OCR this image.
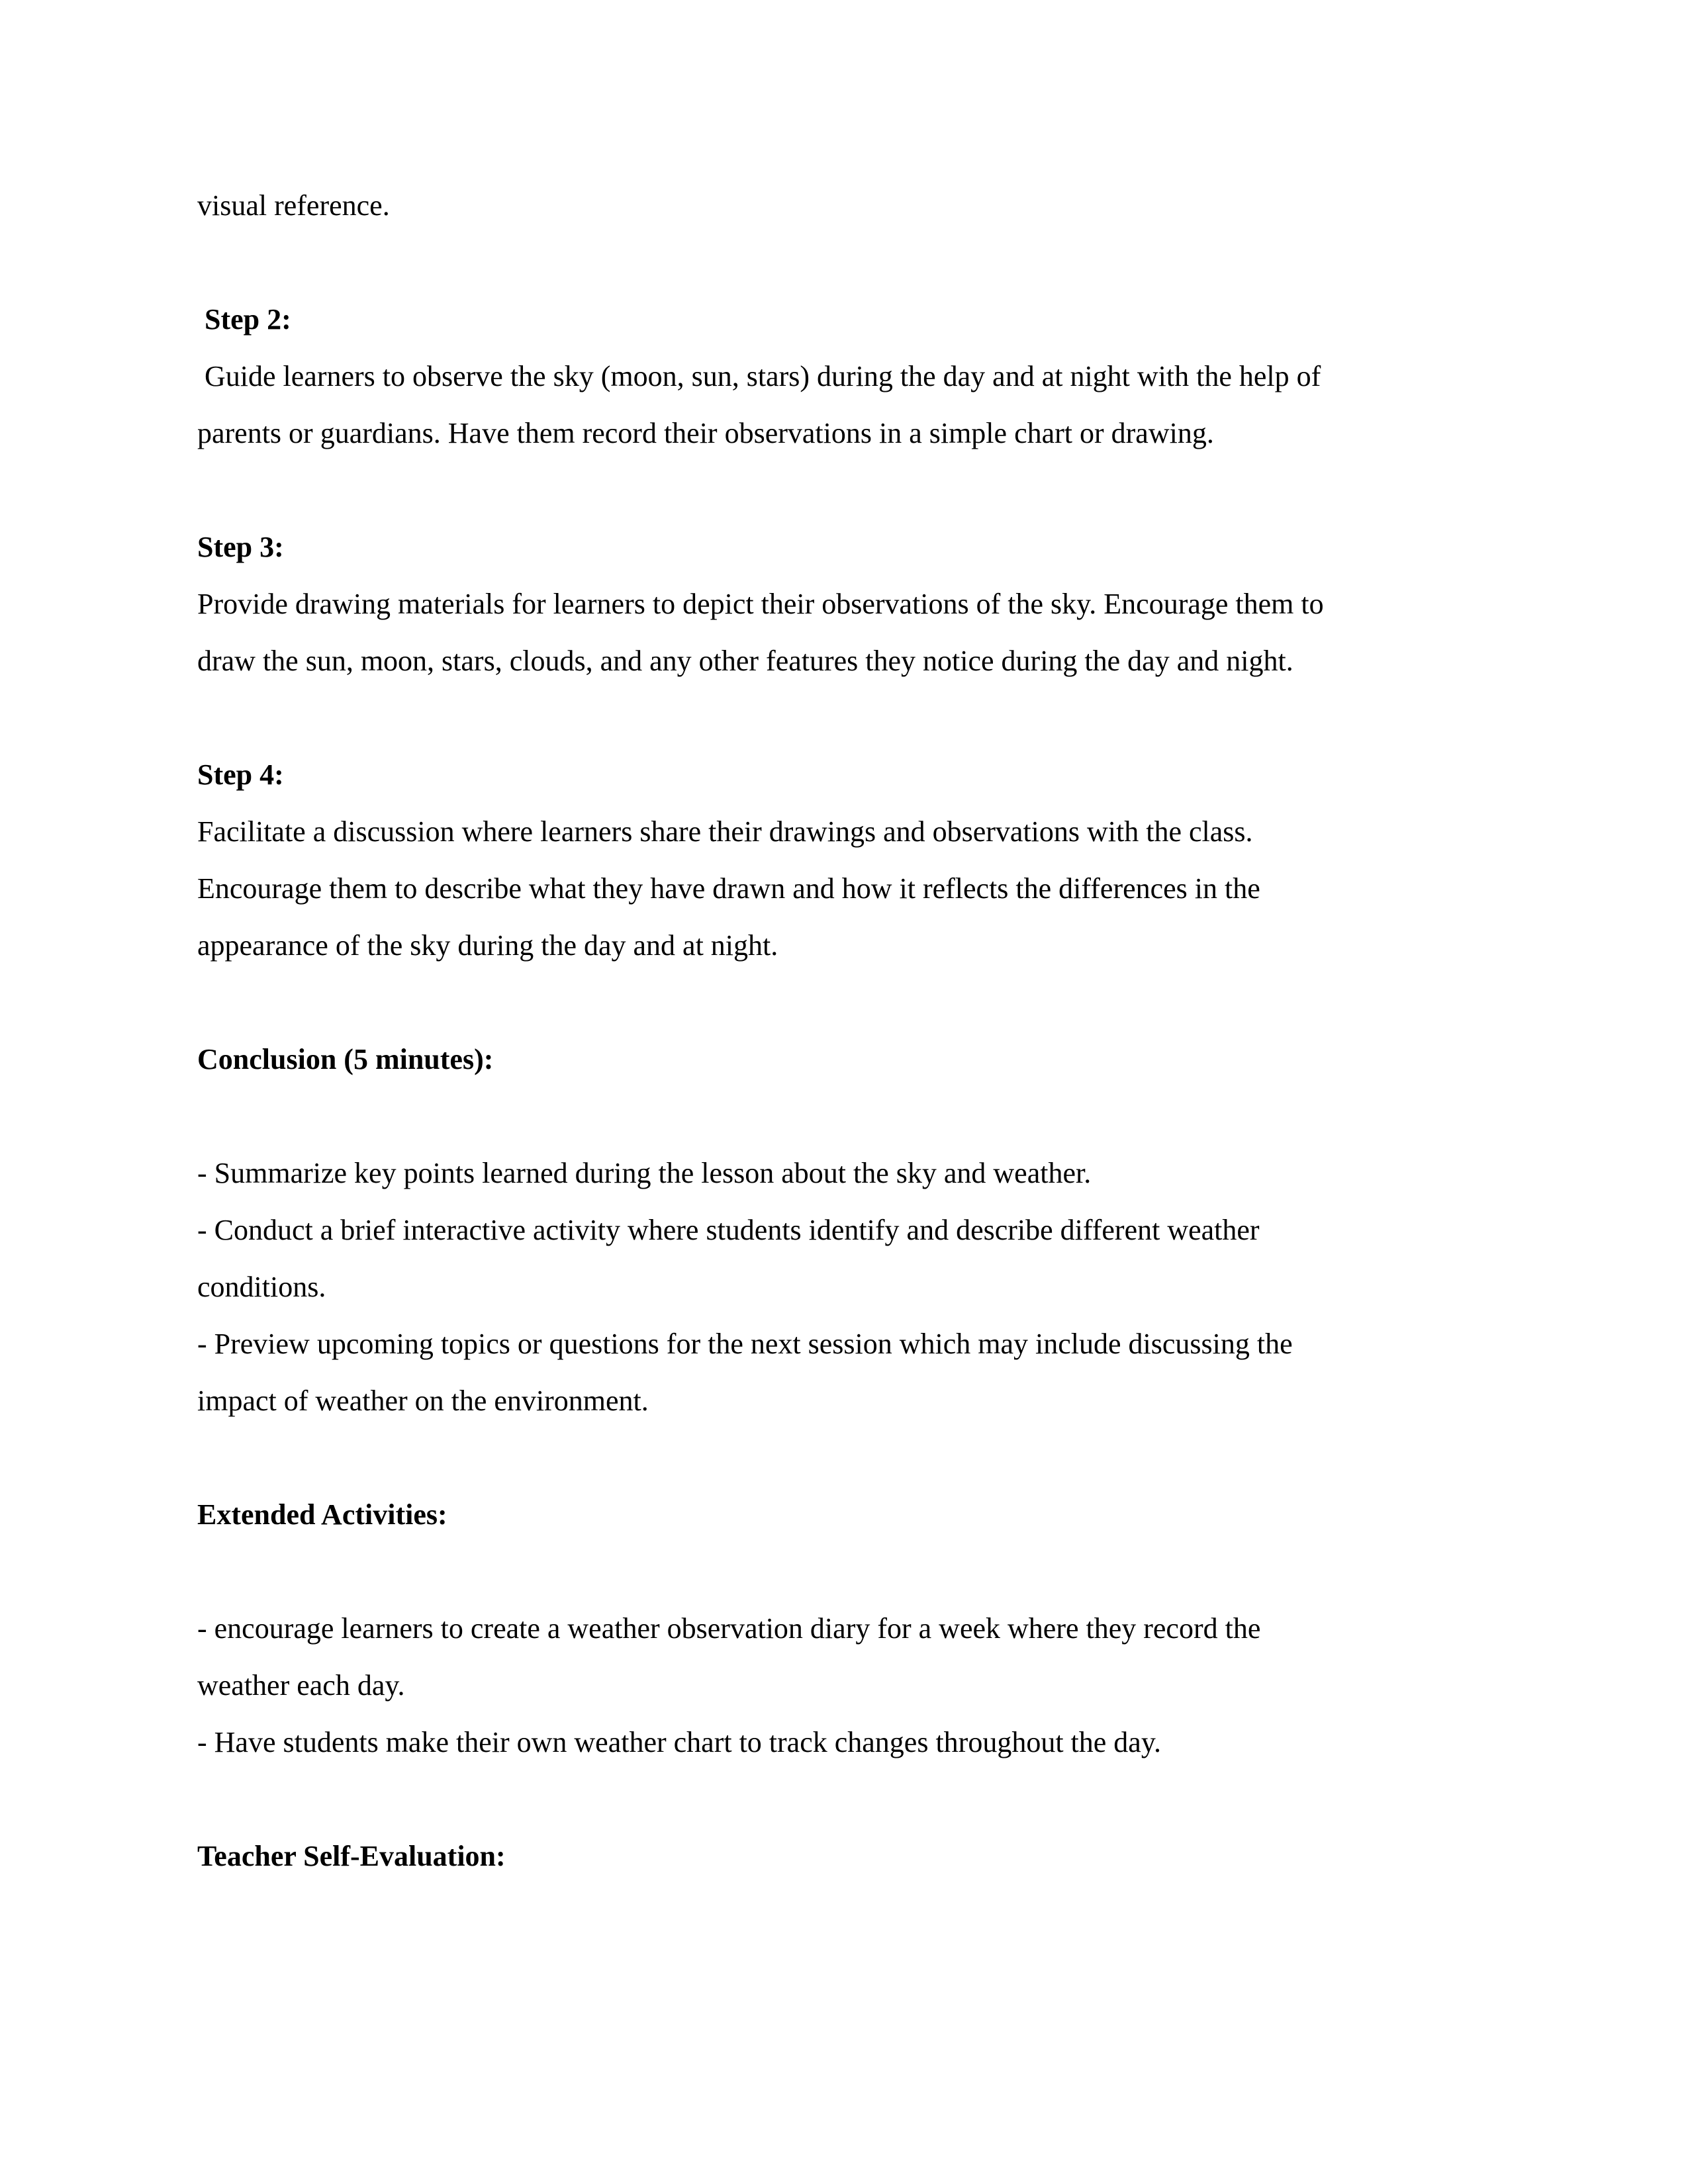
visual reference.
Step 2:
Guide learners to observe the sky (moon, sun, stars) during the day and at night with the help of
parents or guardians. Have them record their observations in a simple chart or drawing.
Step 3:
Provide drawing materials for learners to depict their observations of the sky. Encourage them to
draw the sun, moon, stars, clouds, and any other features they notice during the day and night.
Step 4:
Facilitate a discussion where learners share their drawings and observations with the class.
Encourage them to describe what they have drawn and how it reflects the differences in the
appearance of the sky during the day and at night.
Conclusion (5 minutes):
- Summarize key points learned during the lesson about the sky and weather.
- Conduct a brief interactive activity where students identify and describe different weather
conditions.
- Preview upcoming topics or questions for the next session which may include discussing the
impact of weather on the environment.
Extended Activities:
- encourage learners to create a weather observation diary for a week where they record the
weather each day.
- Have students make their own weather chart to track changes throughout the day.
Teacher Self-Evaluation:
